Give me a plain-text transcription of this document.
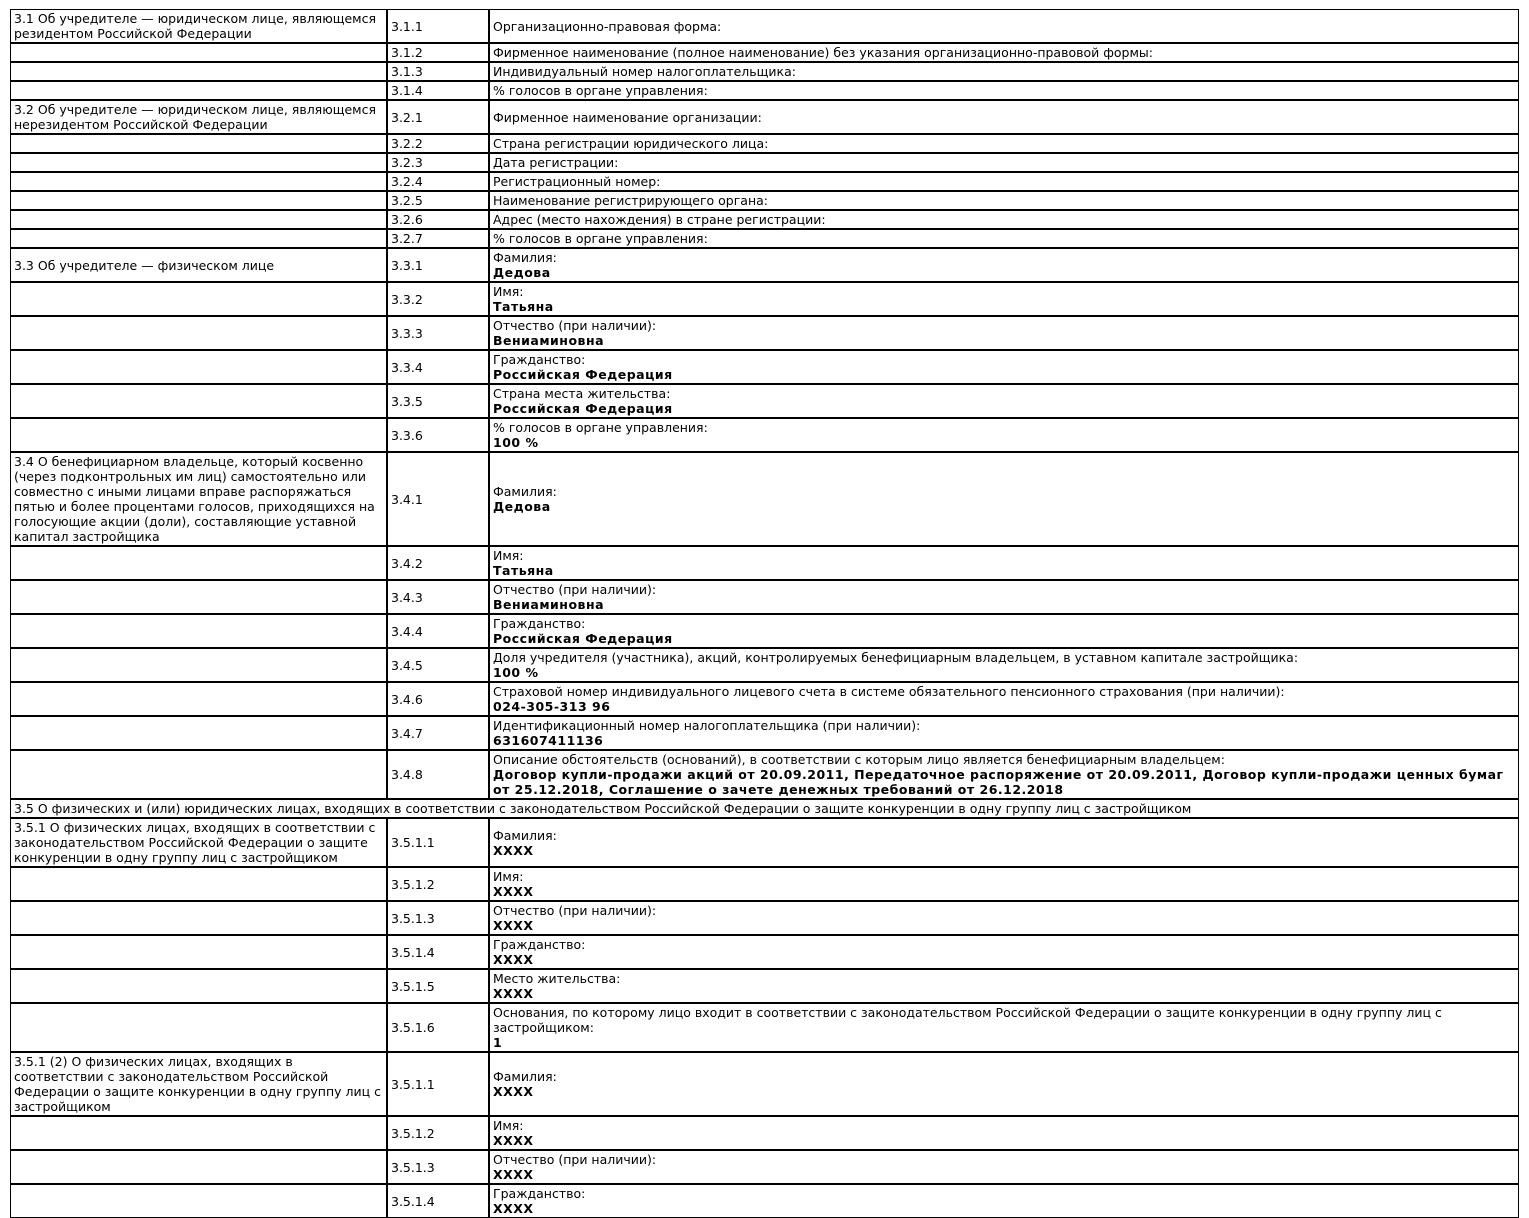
3.1 Об учредителе — юридическом лице, являющемся резидентом Российской Федерации	3.1.1	Организационно-правовая форма:

	3.1.2	Фирменное наименование (полное наименование) без указания организационно-правовой формы:

	3.1.3	Индивидуальный номер налогоплательщика:

	3.1.4	% голосов в органе управления:

3.2 Об учредителе — юридическом лице, являющемся нерезидентом Российской Федерации	3.2.1	Фирменное наименование организации:

	3.2.2	Страна регистрации юридического лица:

	3.2.3	Дата регистрации:

	3.2.4	Регистрационный номер:

	3.2.5	Наименование регистрирующего органа:

	3.2.6	Адрес (место нахождения) в стране регистрации:

	3.2.7	% голосов в органе управления:

3.3 Об учредителе — физическом лице	3.3.1	Фамилия:
Дедова

	3.3.2	Имя:
Татьяна

	3.3.3	Отчество (при наличии):
Вениаминовна

	3.3.4	Гражданство:
Российская Федерация

	3.3.5	Страна места жительства:
Российская Федерация

	3.3.6	% голосов в органе управления:
100 %

3.4 О бенефициарном владельце, который косвенно (через подконтрольных им лиц) самостоятельно или совместно с иными лицами вправе распоряжаться пятью и более процентами голосов, приходящихся на голосующие акции (доли), составляющие уставной капитал застройщика	3.4.1	Фамилия:
Дедова

	3.4.2	Имя:
Татьяна

	3.4.3	Отчество (при наличии):
Вениаминовна

	3.4.4	Гражданство:
Российская Федерация

	3.4.5	Доля учредителя (участника), акций, контролируемых бенефициарным владельцем, в уставном капитале застройщика:
100 %

	3.4.6	Страховой номер индивидуального лицевого счета в системе обязательного пенсионного страхования (при наличии):
024-305-313 96

	3.4.7	Идентификационный номер налогоплательщика (при наличии):
631607411136

	3.4.8	Описание обстоятельств (оснований), в соответствии с которым лицо является бенефициарным владельцем:
Договор купли-продажи акций от 20.09.2011, Передаточное распоряжение от 20.09.2011, Договор купли-продажи ценных бумаг от 25.12.2018, Соглашение о зачете денежных требований от 26.12.2018

3.5 О физических и (или) юридических лицах, входящих в соответствии с законодательством Российской Федерации о защите конкуренции в одну группу лиц с застройщиком		
3.5.1 О физических лицах, входящих в соответствии с законодательством Российской Федерации о защите конкуренции в одну группу лиц с застройщиком	3.5.1.1	Фамилия:
XXXX

	3.5.1.2	Имя:
XXXX

	3.5.1.3	Отчество (при наличии):
XXXX

	3.5.1.4	Гражданство:
XXXX

	3.5.1.5	Место жительства:
XXXX

	3.5.1.6	Основания, по которому лицо входит в соответствии с законодательством Российской Федерации о защите конкуренции в одну группу лиц с застройщиком:
1

3.5.1 (2) О физических лицах, входящих в соответствии с законодательством Российской Федерации о защите конкуренции в одну группу лиц с застройщиком	3.5.1.1	Фамилия:
XXXX

	3.5.1.2	Имя:
XXXX

	3.5.1.3	Отчество (при наличии):
XXXX

	3.5.1.4	Гражданство:
XXXX
